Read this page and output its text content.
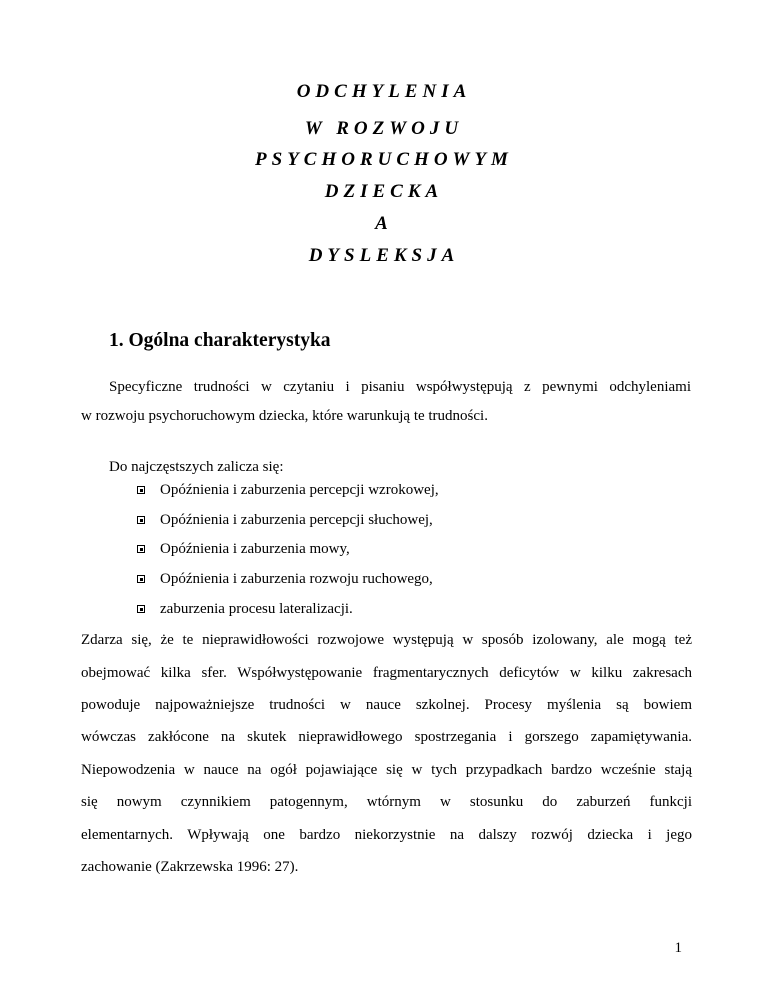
ODCHYLENIA
W ROZWOJU
PSYCHORUCHOWYM
DZIECKA
A
DYSLEKSJA
1. Ogólna charakterystyka

Specyficzne trudności w czytaniu i pisaniu współwystępują z pewnymi odchyleniami

w rozwoju psychoruchowym dziecka, które warunkują te trudności.

Do najczęstszych zalicza się:

Opóźnienia i zaburzenia percepcji wzrokowej,
Opóźnienia i zaburzenia percepcji słuchowej,
Opóźnienia i zaburzenia mowy,
Opóźnienia i zaburzenia rozwoju ruchowego,
zaburzenia procesu lateralizacji.

Zdarza się, że te nieprawidłowości rozwojowe występują w sposób izolowany, ale mogą też

obejmować kilka sfer. Współwystępowanie fragmentarycznych deficytów w kilku zakresach

powoduje najpoważniejsze trudności w nauce szkolnej. Procesy myślenia są bowiem

wówczas zakłócone na skutek nieprawidłowego spostrzegania i gorszego zapamiętywania.

Niepowodzenia w nauce na ogół pojawiające się w tych przypadkach bardzo wcześnie stają

się nowym czynnikiem patogennym, wtórnym w stosunku do zaburzeń funkcji

elementarnych. Wpływają one bardzo niekorzystnie na dalszy rozwój dziecka i jego

zachowanie (Zakrzewska 1996: 27).

1
